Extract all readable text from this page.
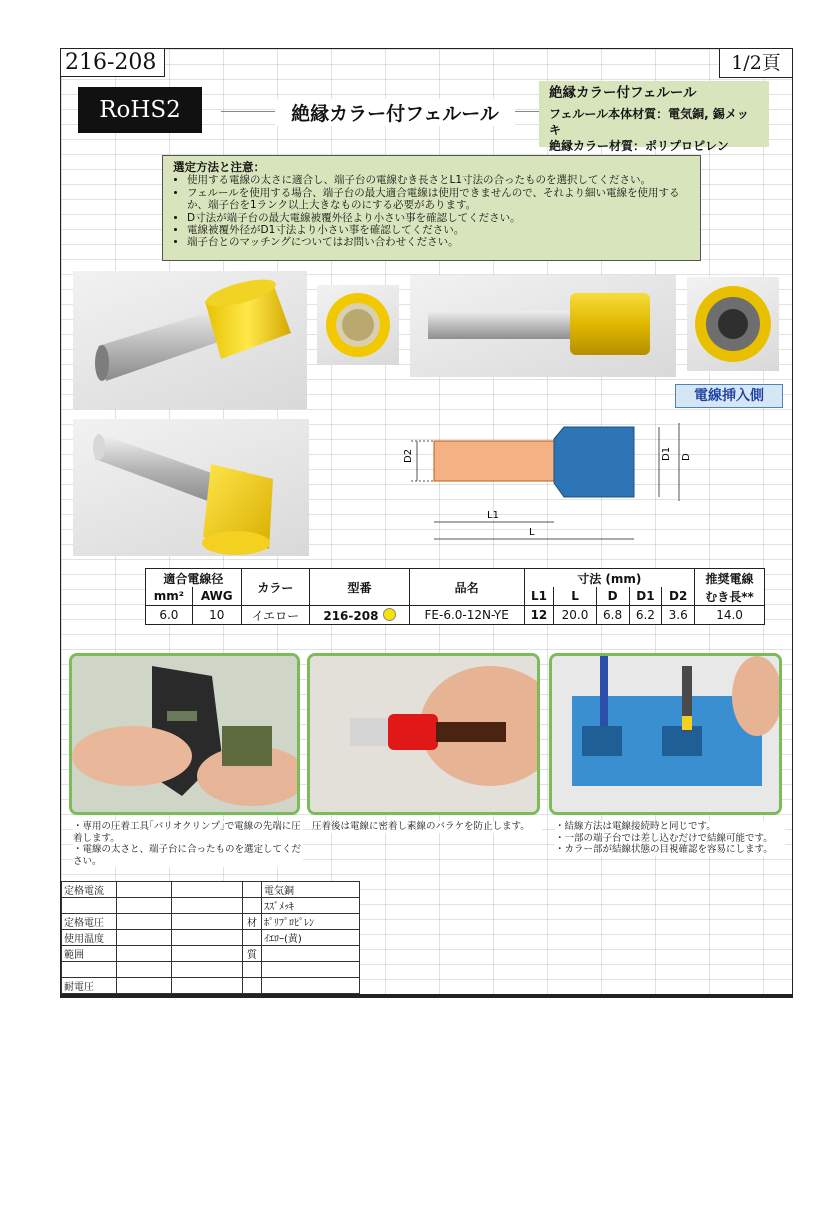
216-208	1/2頁
RoHS2	絶縁カラー付フェルール
絶縁カラー付フェルール
フェルール本体材質：電気銅, 錫メッキ
絶縁カラー材質：ポリプロピレン
選定方法と注意：
• 使用する電線の太さに適合し、端子台の電線むき長さとL1寸法の合ったものを選択してください。
• フェルールを使用する場合、端子台の最大適合電線は使用できませんので、それより細い電線を使用するか、端子台を1ランク以上大きなものにする必要があります。
• D寸法が端子台の最大電線被覆外径より小さい事を確認してください。
• 電線被覆外径がD1寸法より小さい事を確認してください。
• 端子台とのマッチングについてはお問い合わせください。
電線挿入側
D2	D1 D
L1
L
適合電線径		カラー	型番	品名	寸法 (mm)					推奨電線
mm²	AWG				L1	L	D	D1	D2	むき長**
6.0	10	イエロー	216-208	FE-6.0-12N-YE	12	20.0	6.8	6.2	3.6	14.0
・専用の圧着工具｢バリオクリンプ｣で電線の先端に圧着します。
・電線の太さと、端子台に合ったものを選定してください。
圧着後は電線に密着し素線のバラケを防止します。	・結線方法は電線接続時と同じです。
・一部の端子台では差し込むだけで結線可能です。
・カラー部が結線状態の目視確認を容易にします。
定格電流				電気銅
				ｽｽﾞﾒｯｷ
定格電圧			材	ﾎﾟﾘﾌﾟﾛﾋﾟﾚﾝ
使用温度				ｲｴﾛｰ(黄)
範囲			質	

耐電圧				
